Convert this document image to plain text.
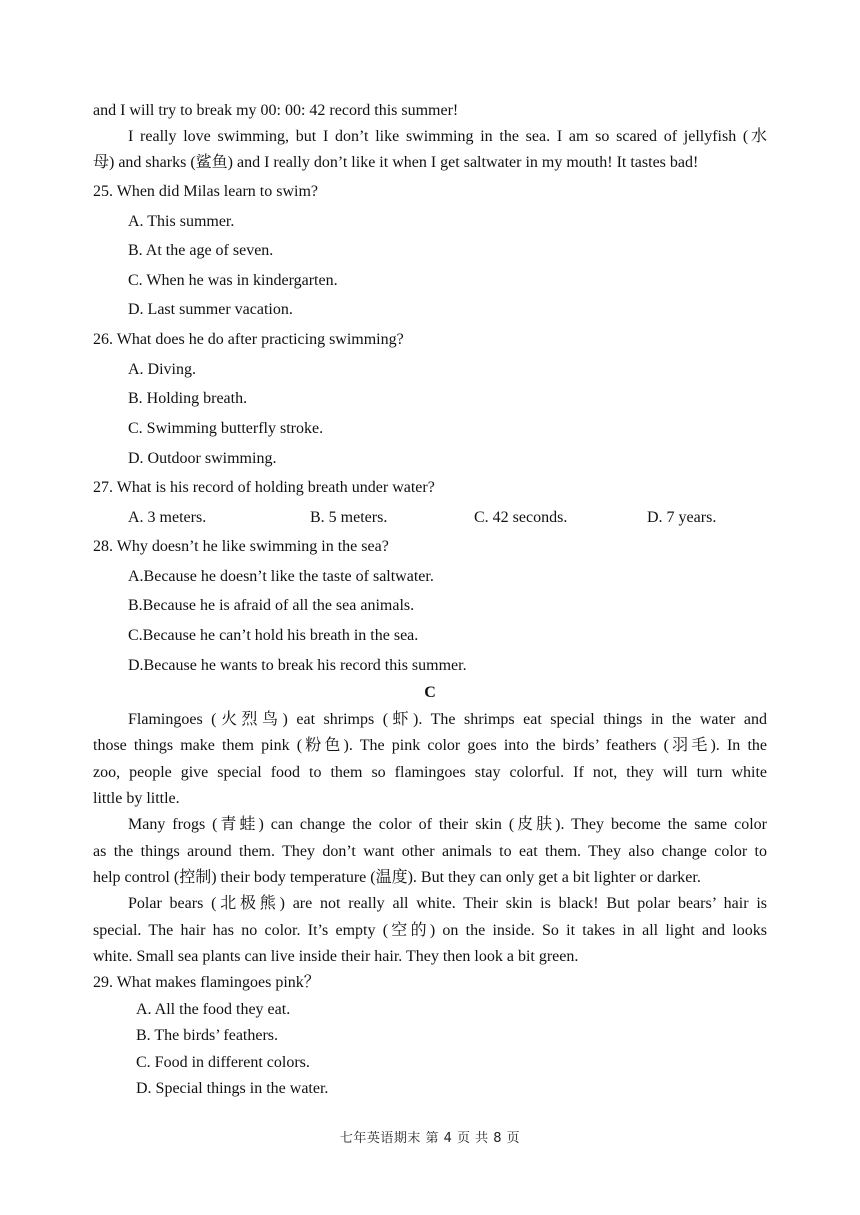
and I will try to break my 00: 00: 42 record this summer!
I really love swimming, but I don’t like swimming in the sea. I am so scared of jellyfish (水
母) and sharks (鲨鱼) and I really don’t like it when I get saltwater in my mouth! It tastes bad!
25. When did Milas learn to swim?
A. This summer.
B. At the age of seven.
C. When he was in kindergarten.
D. Last summer vacation.
26. What does he do after practicing swimming?
A. Diving.
B. Holding breath.
C. Swimming butterfly stroke.
D. Outdoor swimming.
27. What is his record of holding breath under water?
A. 3 meters.	B. 5 meters.	C. 42 seconds.	D. 7 years.
28. Why doesn’t he like swimming in the sea?
A.Because he doesn’t like the taste of saltwater.
B.Because he is afraid of all the sea animals.
C.Because he can’t hold his breath in the sea.
D.Because he wants to break his record this summer.
C
Flamingoes (火烈鸟) eat shrimps (虾). The shrimps eat special things in the water and
those things make them pink (粉色). The pink color goes into the birds’ feathers (羽毛). In the
zoo, people give special food to them so flamingoes stay colorful. If not, they will turn white
little by little.
Many frogs (青蛙) can change the color of their skin (皮肤). They become the same color
as the things around them. They don’t want other animals to eat them. They also change color to
help control (控制) their body temperature (温度). But they can only get a bit lighter or darker.
Polar bears (北极熊) are not really all white. Their skin is black! But polar bears’ hair is
special. The hair has no color. It’s empty (空的) on the inside. So it takes in all light and looks
white. Small sea plants can live inside their hair. They then look a bit green.
29. What makes flamingoes pink？
A. All the food they eat.
B. The birds’ feathers.
C. Food in different colors.
D. Special things in the water.
七年英语期末 第 4 页 共 8 页
